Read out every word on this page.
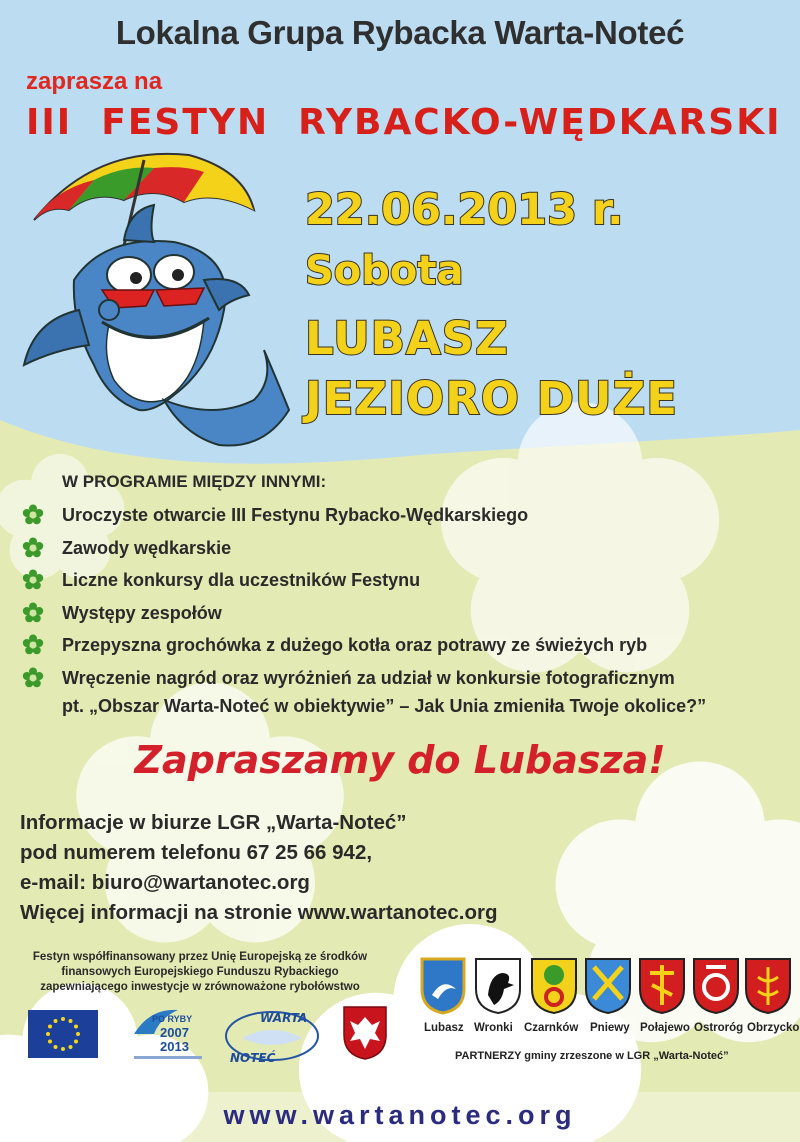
Lokalna Grupa Rybacka Warta-Noteć
zaprasza na
III  FESTYN  RYBACKO-WĘDKARSKI
22.06.2013 r.
Sobota
LUBASZ
JEZIORO DUŻE
W PROGRAMIE MIĘDZY INNYMI:
Uroczyste otwarcie III Festynu Rybacko-Wędkarskiego
Zawody wędkarskie
Liczne konkursy dla uczestników Festynu
Występy zespołów
Przepyszna grochówka z dużego kotła oraz potrawy ze świeżych ryb
Wręczenie nagród oraz wyróżnień za udział w konkursie fotograficznym
pt. „Obszar Warta-Noteć w obiektywie” – Jak Unia zmieniła Twoje okolice?”
Zapraszamy do Lubasza!
Informacje w biurze LGR „Warta-Noteć”
pod numerem telefonu 67 25 66 942,
e-mail: biuro@wartanotec.org
Więcej informacji na stronie www.wartanotec.org
Festyn współfinansowany przez Unię Europejską ze środków
finansowych Europejskiego Funduszu Rybackiego
zapewniającego inwestycje w zrównoważone rybołówstwo
PO RYBY
2007
2013
WARTA
NOTEĆ
Lubasz Wronki Czarnków Pniewy Połajewo Ostroróg Obrzycko
PARTNERZY gminy zrzeszone w LGR „Warta-Noteć”
www.wartanotec.org
